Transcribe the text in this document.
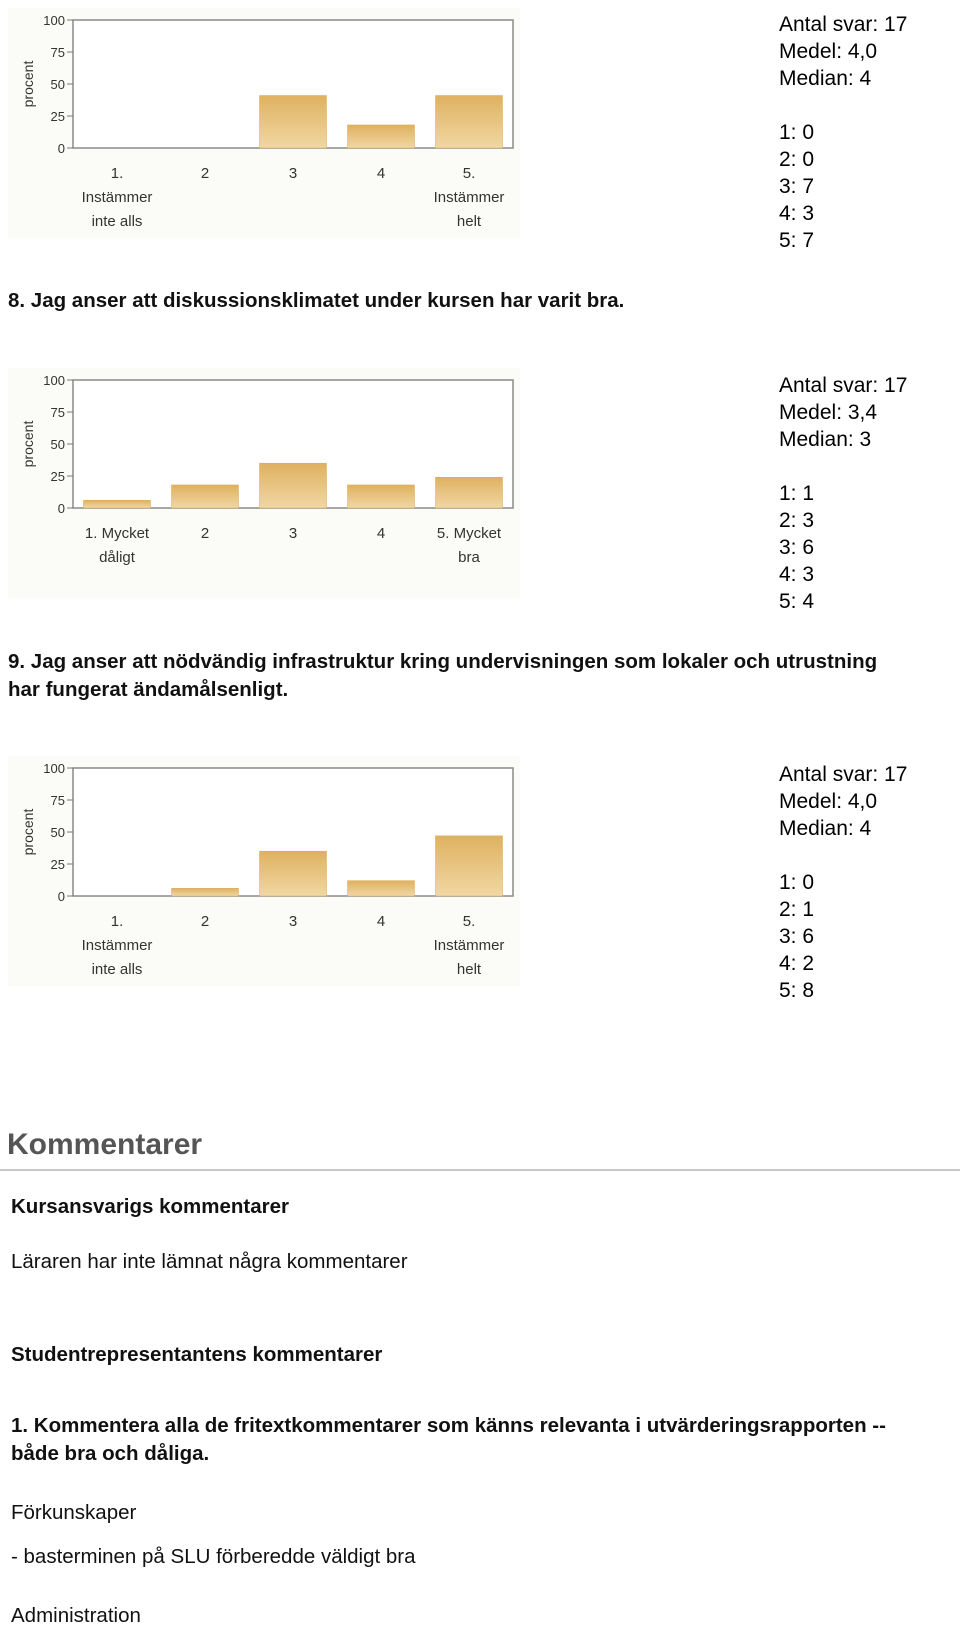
100
75
50
25
0
procent
1.
Instämmer
inte alls
2	3	4	5.
Instämmer
helt
Antal svar: 17
Medel: 4,0
Median: 4
1: 0
2: 0
3: 7
4: 3
5: 7
8. Jag anser att diskussionsklimatet under kursen har varit bra.
100
75
50
25
0
procent
1. Mycket
dåligt
2	3	4	5. Mycket
bra
Antal svar: 17
Medel: 3,4
Median: 3
1: 1
2: 3
3: 6
4: 3
5: 4
9. Jag anser att nödvändig infrastruktur kring undervisningen som lokaler och utrustning har fungerat ändamålsenligt.
100
75
50
25
0
procent
1.
Instämmer
inte alls
2	3	4	5.
Instämmer
helt
Antal svar: 17
Medel: 4,0
Median: 4
1: 0
2: 1
3: 6
4: 2
5: 8
Kommentarer
Kursansvarigs kommentarer
Läraren har inte lämnat några kommentarer
Studentrepresentantens kommentarer
1. Kommentera alla de fritextkommentarer som känns relevanta i utvärderingsrapporten -- både bra och dåliga.
Förkunskaper
- basterminen på SLU förberedde väldigt bra
Administration
